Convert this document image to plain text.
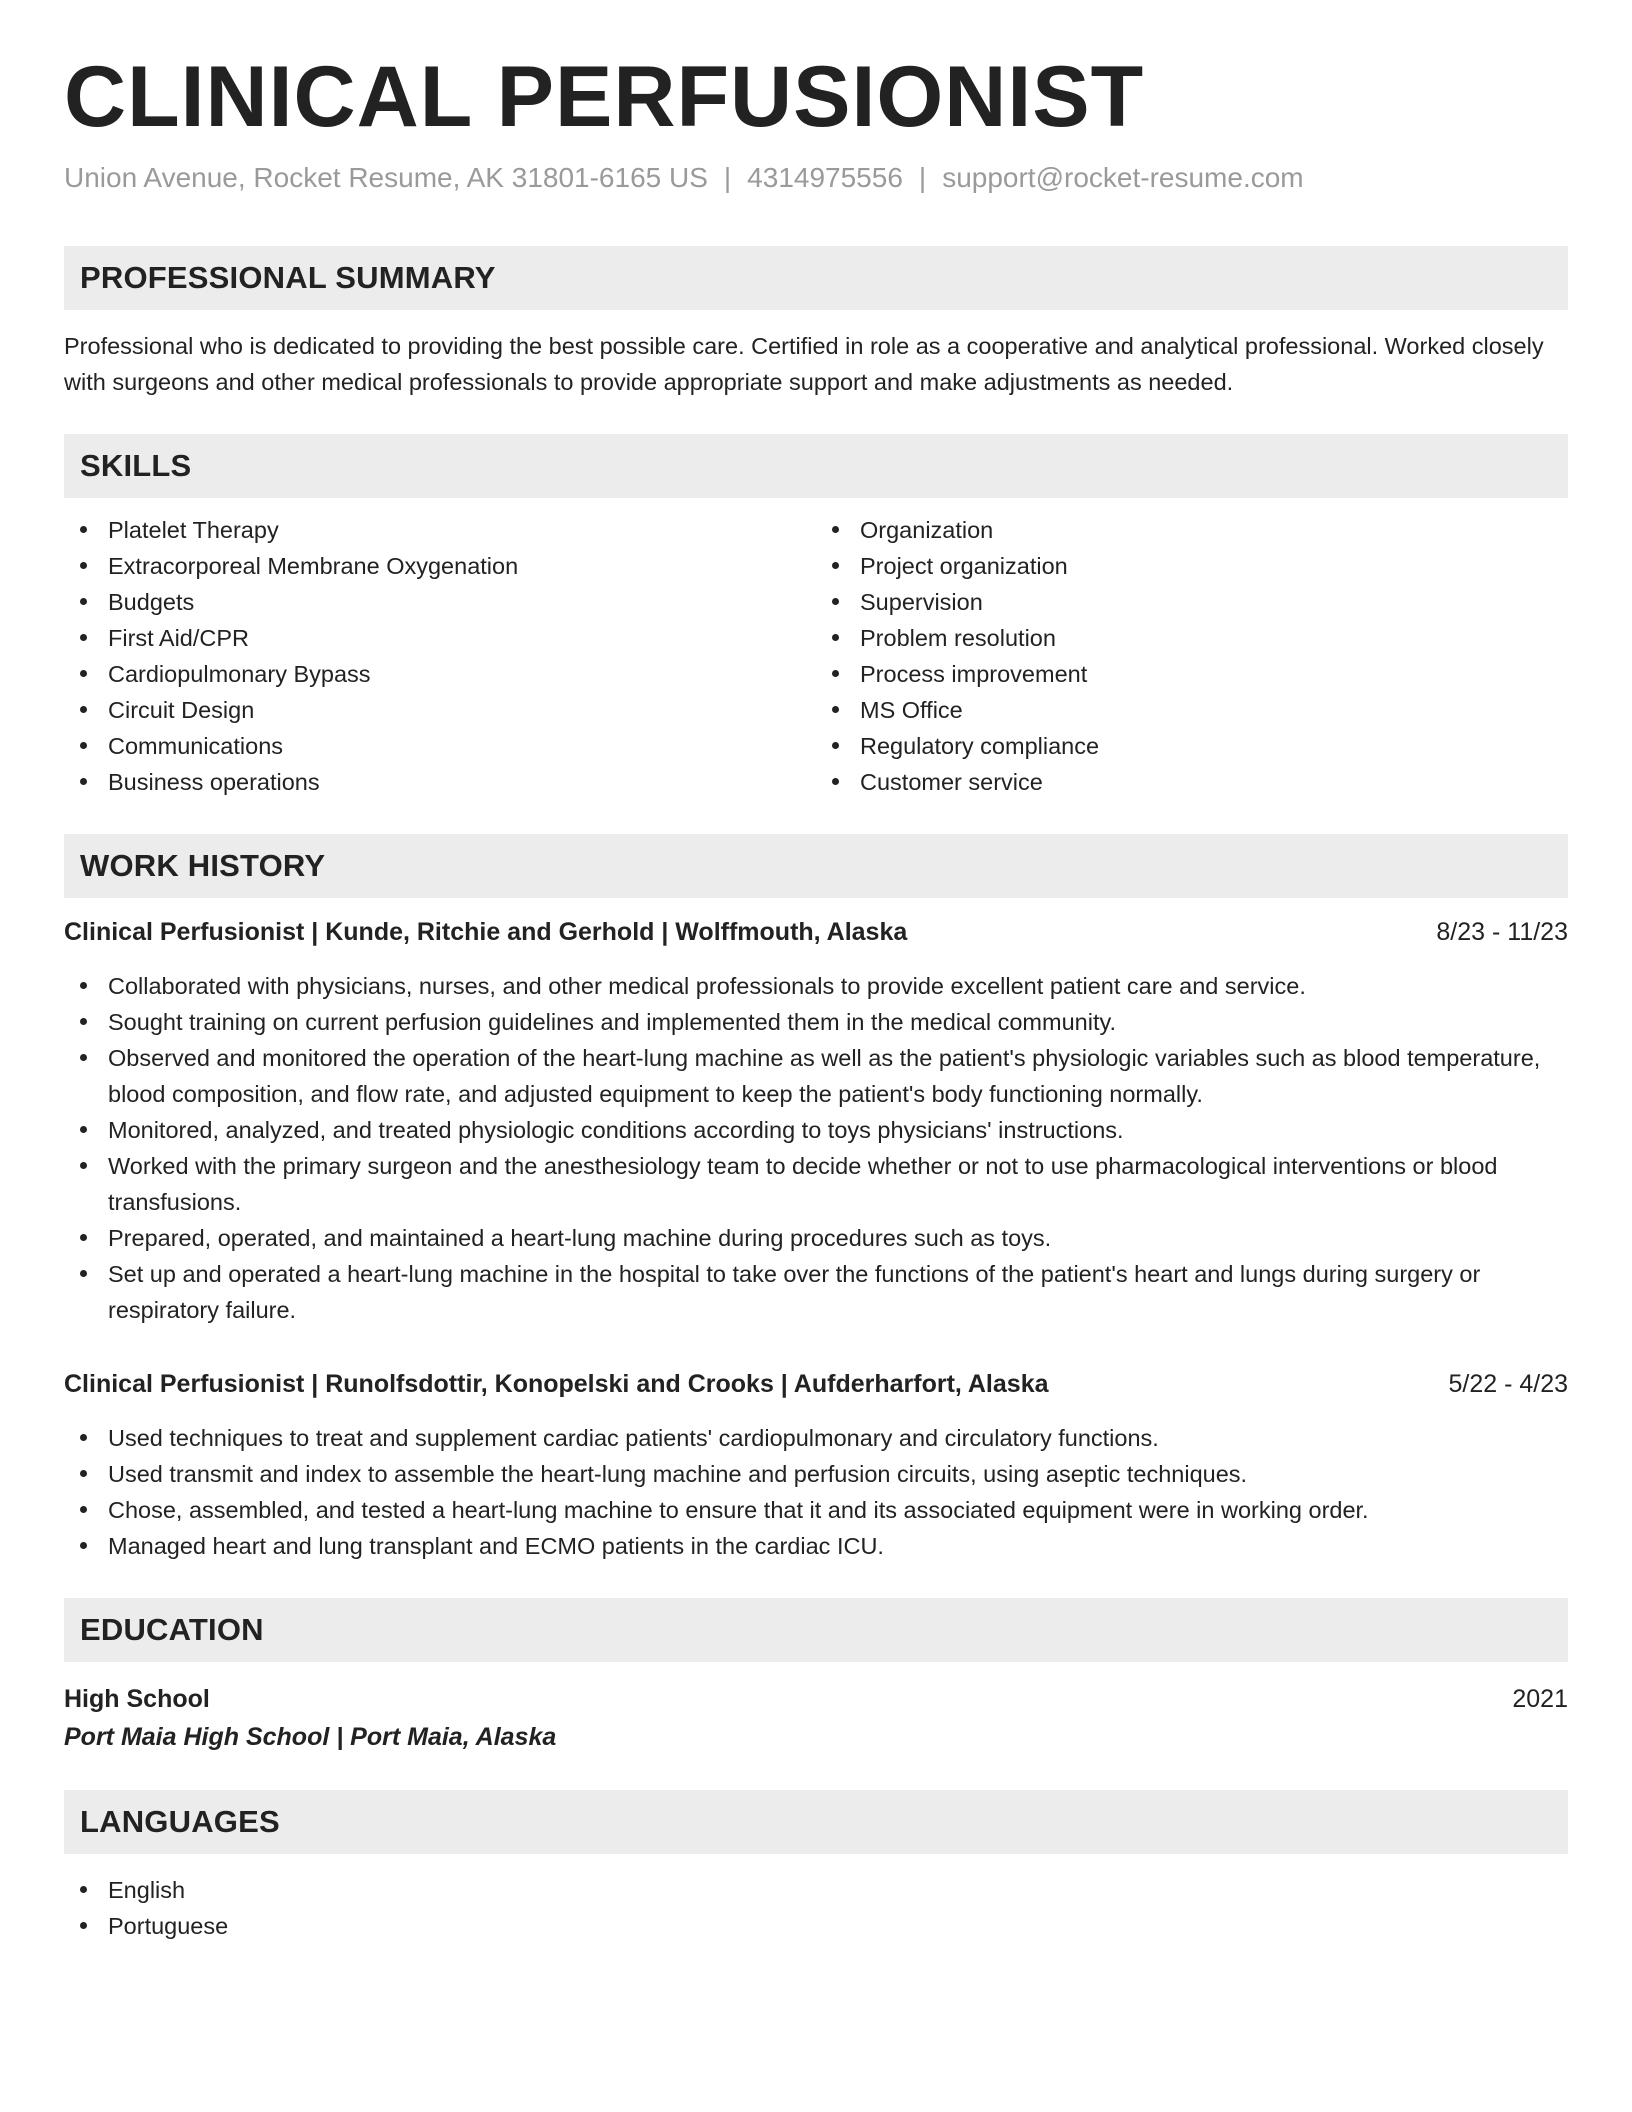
CLINICAL PERFUSIONIST
Union Avenue, Rocket Resume, AK 31801-6165 US | 4314975556 | support@rocket-resume.com
PROFESSIONAL SUMMARY
Professional who is dedicated to providing the best possible care. Certified in role as a cooperative and analytical professional. Worked closely with surgeons and other medical professionals to provide appropriate support and make adjustments as needed.
SKILLS
Platelet Therapy
Extracorporeal Membrane Oxygenation
Budgets
First Aid/CPR
Cardiopulmonary Bypass
Circuit Design
Communications
Business operations
Organization
Project organization
Supervision
Problem resolution
Process improvement
MS Office
Regulatory compliance
Customer service
WORK HISTORY
Clinical Perfusionist | Kunde, Ritchie and Gerhold | Wolffmouth, Alaska	8/23 - 11/23
Collaborated with physicians, nurses, and other medical professionals to provide excellent patient care and service.
Sought training on current perfusion guidelines and implemented them in the medical community.
Observed and monitored the operation of the heart-lung machine as well as the patient's physiologic variables such as blood temperature, blood composition, and flow rate, and adjusted equipment to keep the patient's body functioning normally.
Monitored, analyzed, and treated physiologic conditions according to toys physicians' instructions.
Worked with the primary surgeon and the anesthesiology team to decide whether or not to use pharmacological interventions or blood transfusions.
Prepared, operated, and maintained a heart-lung machine during procedures such as toys.
Set up and operated a heart-lung machine in the hospital to take over the functions of the patient's heart and lungs during surgery or respiratory failure.
Clinical Perfusionist | Runolfsdottir, Konopelski and Crooks | Aufderharfort, Alaska	5/22 - 4/23
Used techniques to treat and supplement cardiac patients' cardiopulmonary and circulatory functions.
Used transmit and index to assemble the heart-lung machine and perfusion circuits, using aseptic techniques.
Chose, assembled, and tested a heart-lung machine to ensure that it and its associated equipment were in working order.
Managed heart and lung transplant and ECMO patients in the cardiac ICU.
EDUCATION
High School	2021
Port Maia High School | Port Maia, Alaska
LANGUAGES
English
Portuguese
